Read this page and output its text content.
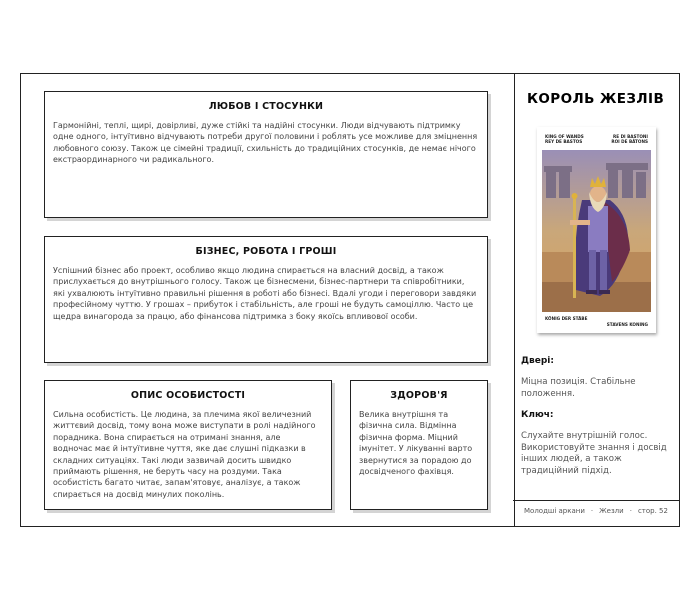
ЛЮБОВ І СТОСУНКИ

Гармонійні, теплі, щирі, довірливі, дуже стійкі та надійні стосунки. Люди відчувають підтримку одне одного, інтуїтивно відчувають потреби другої половини і роблять усе можливе для зміцнення любовного союзу. Також це сімейні традиції, схильність до традиційних стосунків, де немає нічого екстраординарного чи радикального.

БІЗНЕС, РОБОТА І ГРОШІ

Успішний бізнес або проект, особливо якщо людина спирається на власний досвід, а також прислухається до внутрішнього голосу. Також це бізнесмени, бізнес-партнери та співробітники, які ухвалюють інтуїтивно правильні рішення в роботі або бізнесі. Вдалі угоди і переговори завдяки професійному чуттю. У грошах – прибуток і стабільність, але гроші не будуть самоціллю. Часто це щедра винагорода за працю, або фінансова підтримка з боку якоїсь впливової особи.

ОПИС ОСОБИСТОСТІ

Сильна особистість. Це людина, за плечима якої величезний життєвий досвід, тому вона може виступати в ролі надійного порадника. Вона спирається на отримані знання, але водночас має й інтуїтивне чуття, яке дає слушні підказки в складних ситуаціях. Такі люди зазвичай досить швидко приймають рішення, не беруть часу на роздуми. Така особистість багато читає, запам'ятовує, аналізує, а також спирається на досвід минулих поколінь.

ЗДОРОВ'Я

Велика внутрішня та фізична сила. Відмінна фізична форма. Міцний імунітет. У лікуванні варто звернутися за порадою до досвідченого фахівця.

КОРОЛЬ ЖЕЗЛІВ
KING OF WANDS
REY DE BASTOS
RE DI BASTONI
ROI DE BÂTONS
KÖNIG DER STÄBE
STAVENS KONING
Двері:
Міцна позиція. Стабільне положення.
Ключ:
Слухайте внутрішній голос. Використовуйте знання і досвід інших людей, а також традиційний підхід.
Молодші аркани · Жезли · стор. 52
